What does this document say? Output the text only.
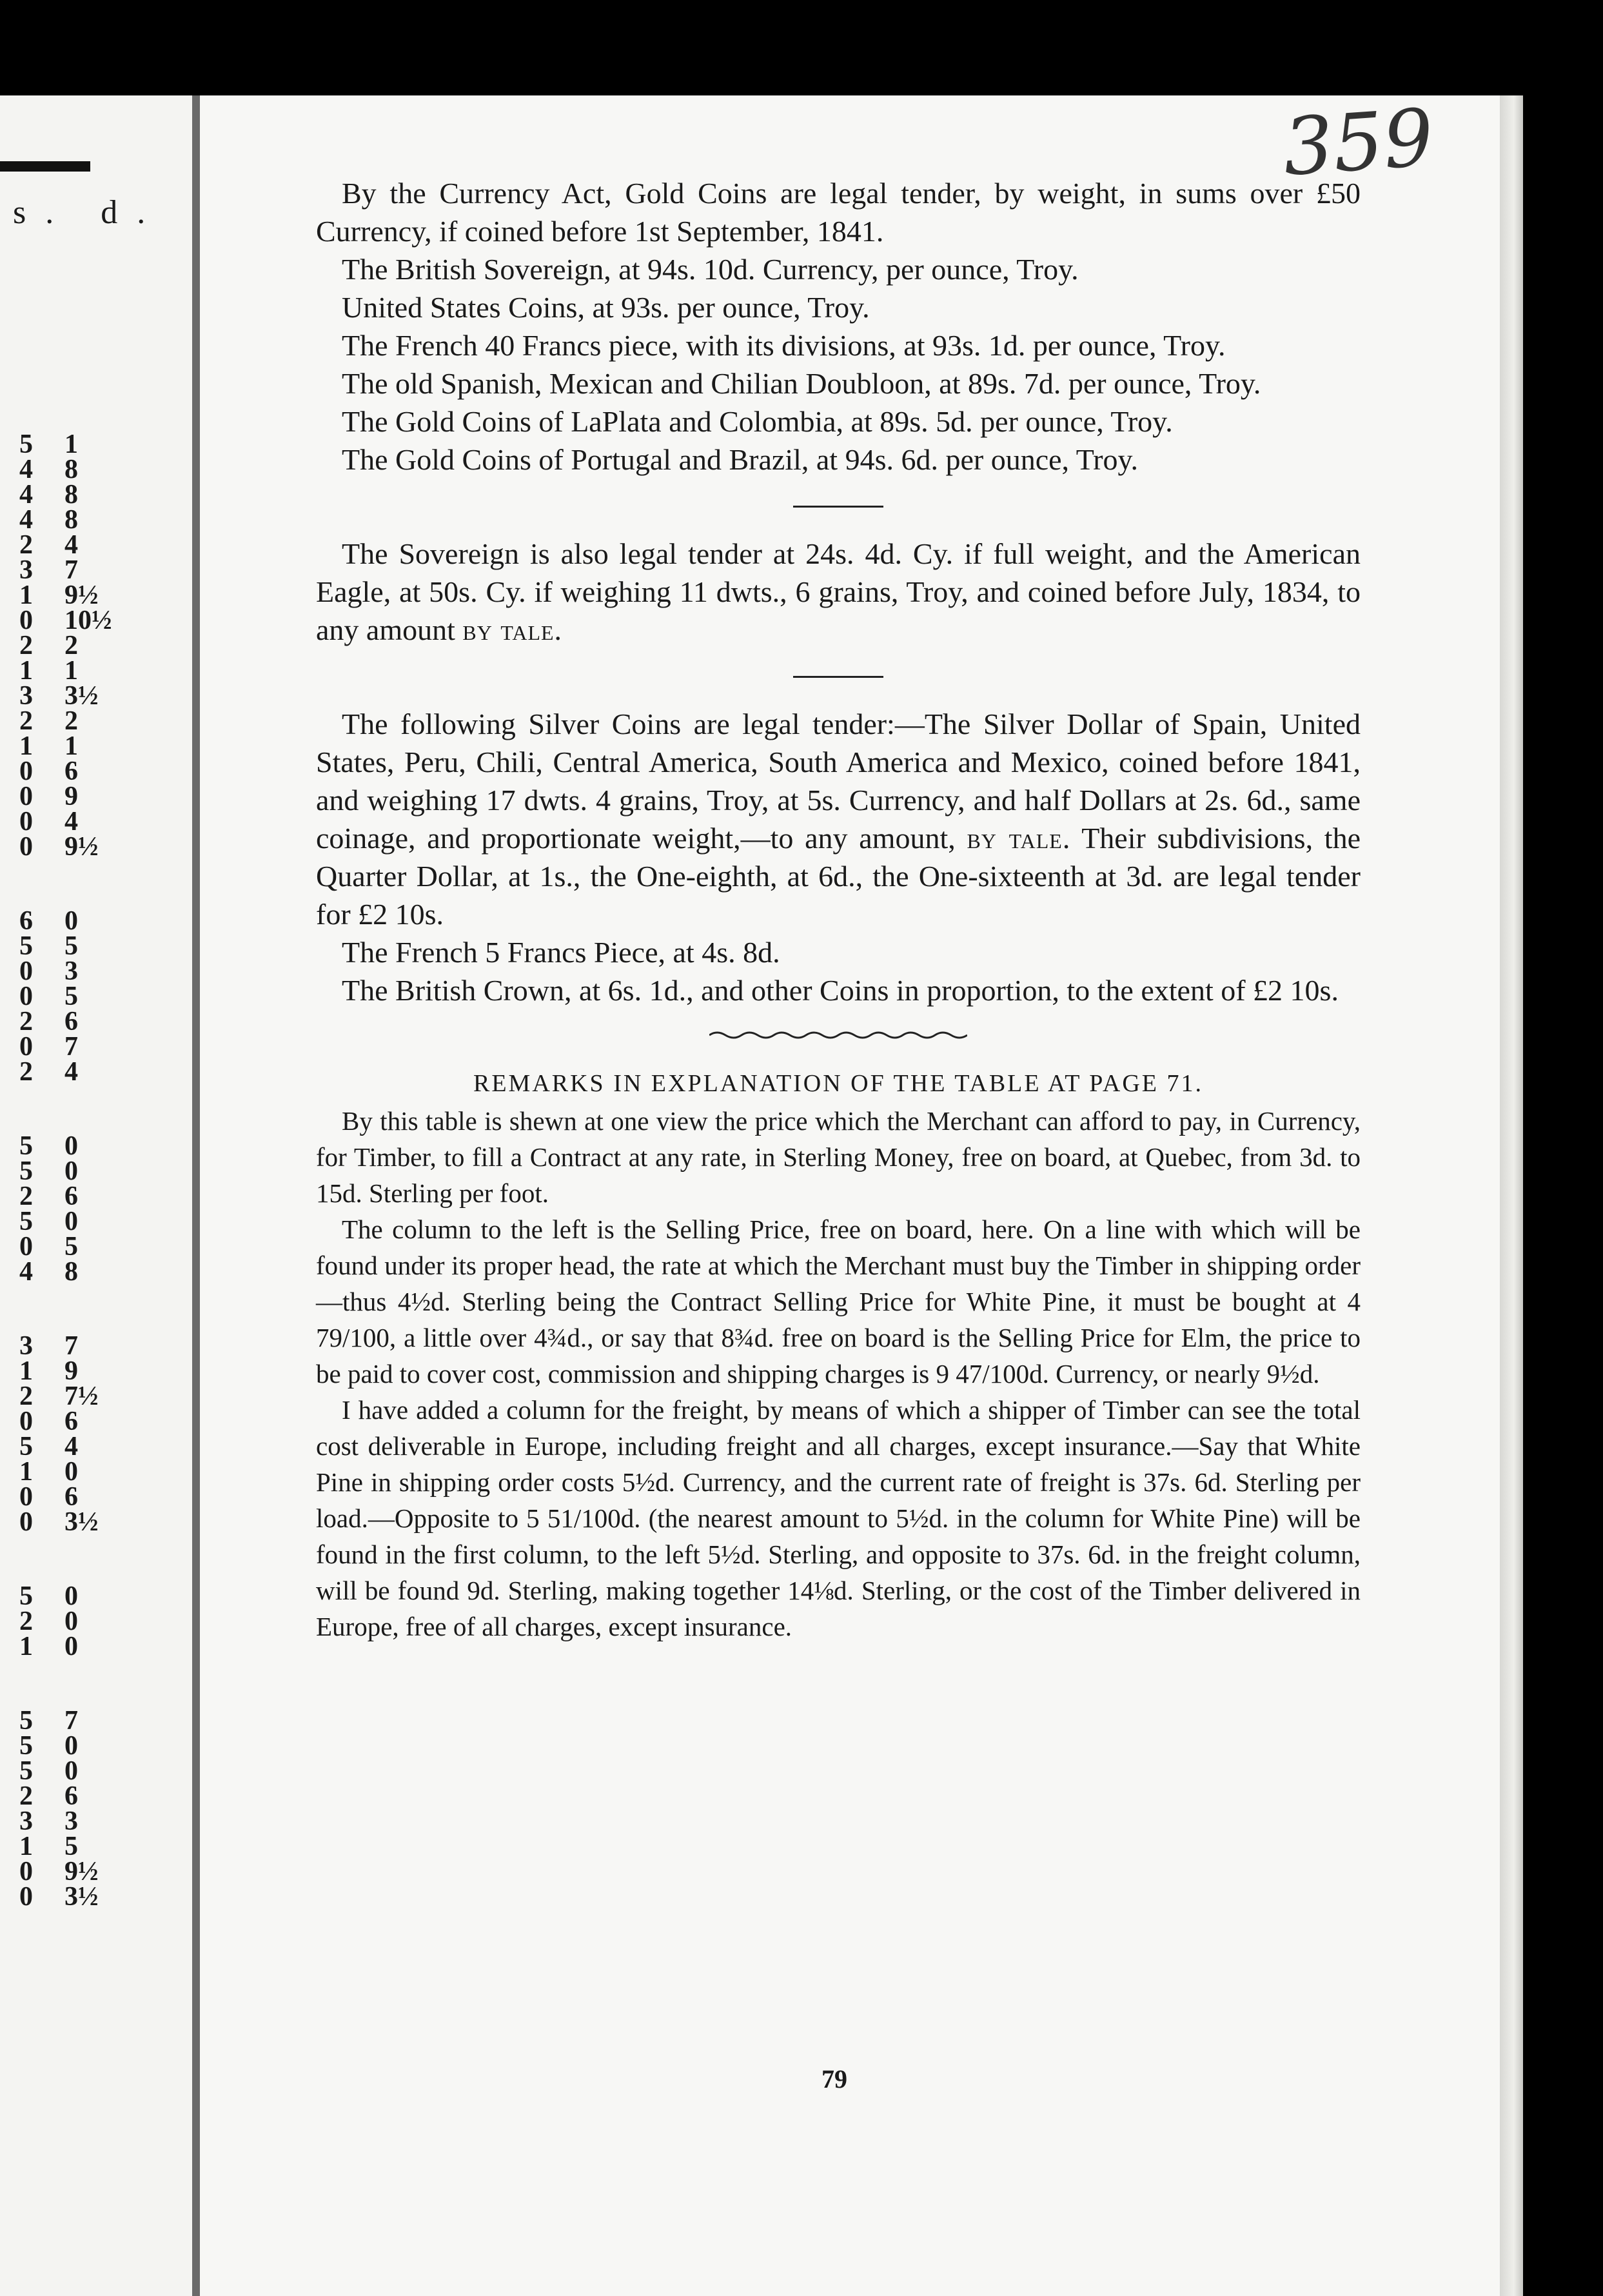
s. d.
5	1
4	8
4	8
4	8
2	4
3	7
1	9½
0	10½
2	2
1	1
3	3½
2	2
1	1
0	6
0	9
0	4
0	9½
6	0
5	5
0	3
0	5
2	6
0	7
2	4
5	0
5	0
2	6
5	0
0	5
4	8
3	7
1	9
2	7½
0	6
5	4
1	0
0	6
0	3½
5	0
2	0
1	0
5	7
5	0
5	0
2	6
3	3
1	5
0	9½
0	3½
359

By the Currency Act, Gold Coins are legal tender, by weight, in sums over £50 Currency, if coined before 1st September, 1841.

The British Sovereign, at 94s. 10d. Currency, per ounce, Troy.

United States Coins, at 93s. per ounce, Troy.

The French 40 Francs piece, with its divisions, at 93s. 1d. per ounce, Troy.

The old Spanish, Mexican and Chilian Doubloon, at 89s. 7d. per ounce, Troy.

The Gold Coins of LaPlata and Colombia, at 89s. 5d. per ounce, Troy.

The Gold Coins of Portugal and Brazil, at 94s. 6d. per ounce, Troy.

The Sovereign is also legal tender at 24s. 4d. Cy. if full weight, and the American Eagle, at 50s. Cy. if weighing 11 dwts., 6 grains, Troy, and coined before July, 1834, to any amount by tale.

The following Silver Coins are legal tender:—The Silver Dollar of Spain, United States, Peru, Chili, Central America, South America and Mexico, coined before 1841, and weighing 17 dwts. 4 grains, Troy, at 5s. Currency, and half Dollars at 2s. 6d., same coinage, and proportionate weight,—to any amount, by tale. Their subdivisions, the Quarter Dollar, at 1s., the One-eighth, at 6d., the One-sixteenth at 3d. are legal tender for £2 10s.

The French 5 Francs Piece, at 4s. 8d.

The British Crown, at 6s. 1d., and other Coins in proportion, to the extent of £2 10s.

REMARKS IN EXPLANATION OF THE TABLE AT PAGE 71.

By this table is shewn at one view the price which the Merchant can afford to pay, in Currency, for Timber, to fill a Contract at any rate, in Sterling Money, free on board, at Quebec, from 3d. to 15d. Sterling per foot.

The column to the left is the Selling Price, free on board, here. On a line with which will be found under its proper head, the rate at which the Merchant must buy the Timber in shipping order—thus 4½d. Sterling being the Contract Selling Price for White Pine, it must be bought at 4 79/100, a little over 4¾d., or say that 8¾d. free on board is the Selling Price for Elm, the price to be paid to cover cost, commission and shipping charges is 9 47/100d. Currency, or nearly 9½d.

I have added a column for the freight, by means of which a shipper of Timber can see the total cost deliverable in Europe, including freight and all charges, except insurance.—Say that White Pine in shipping order costs 5½d. Currency, and the current rate of freight is 37s. 6d. Sterling per load.—Opposite to 5 51/100d. (the nearest amount to 5½d. in the column for White Pine) will be found in the first column, to the left 5½d. Sterling, and opposite to 37s. 6d. in the freight column, will be found 9d. Sterling, making together 14⅛d. Sterling, or the cost of the Timber delivered in Europe, free of all charges, except insurance.

79
